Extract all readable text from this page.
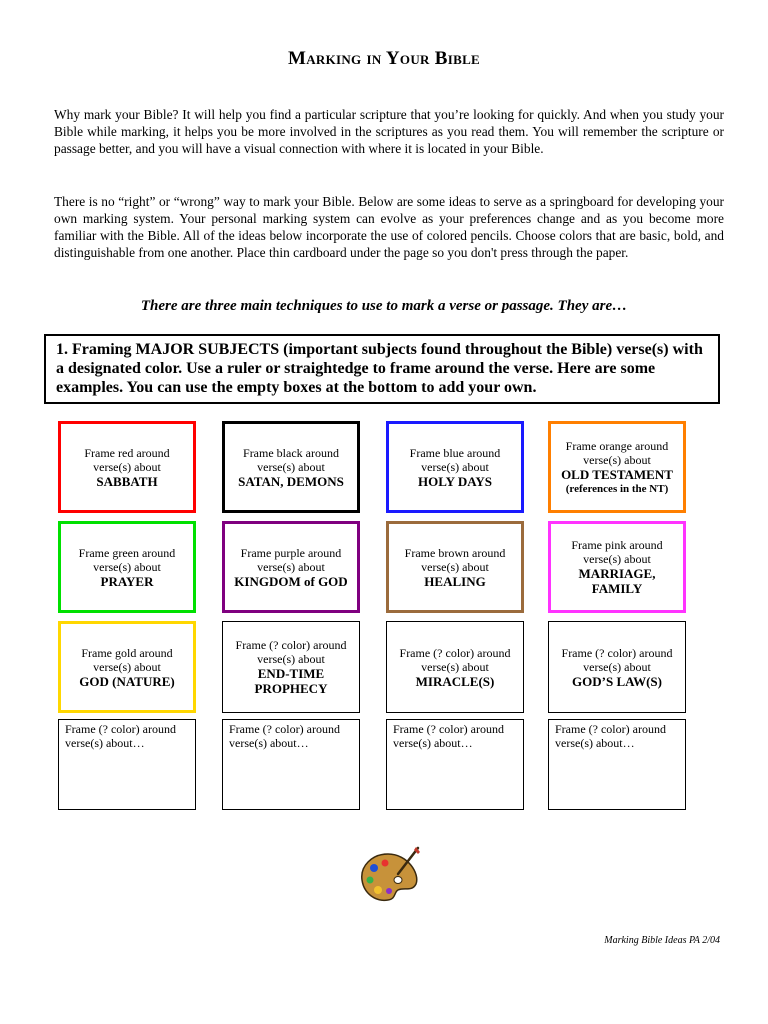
Marking in Your Bible
Why mark your Bible? It will help you find a particular scripture that you’re looking for quickly. And when you study your Bible while marking, it helps you be more involved in the scriptures as you read them. You will remember the scripture or passage better, and you will have a visual connection with where it is located in your Bible.
There is no “right” or “wrong” way to mark your Bible. Below are some ideas to serve as a springboard for developing your own marking system. Your personal marking system can evolve as your preferences change and as you become more familiar with the Bible. All of the ideas below incorporate the use of colored pencils. Choose colors that are basic, bold, and distinguishable from one another. Place thin cardboard under the page so you don't press through the paper.
There are three main techniques to use to mark a verse or passage. They are…
1. Framing MAJOR SUBJECTS (important subjects found throughout the Bible) verse(s) with a designated color. Use a ruler or straightedge to frame around the verse. Here are some examples. You can use the empty boxes at the bottom to add your own.
Frame red around verse(s) about
SABBATH
Frame black around verse(s) about
SATAN, DEMONS
Frame blue around verse(s) about
HOLY DAYS
Frame orange around verse(s) about
OLD TESTAMENT
(references in the NT)
Frame green around verse(s) about
PRAYER
Frame purple around verse(s) about
KINGDOM of GOD
Frame brown around verse(s) about
HEALING
Frame pink around verse(s) about
MARRIAGE, FAMILY
Frame gold around verse(s) about
GOD (NATURE)
Frame (? color) around verse(s) about
END-TIME PROPHECY
Frame (? color) around verse(s) about
MIRACLE(S)
Frame (? color) around verse(s) about
GOD’S LAW(S)
Frame (? color) around verse(s) about…
Frame (? color) around verse(s) about…
Frame (? color) around verse(s) about…
Frame (? color) around verse(s) about…
Marking Bible Ideas PA 2/04
